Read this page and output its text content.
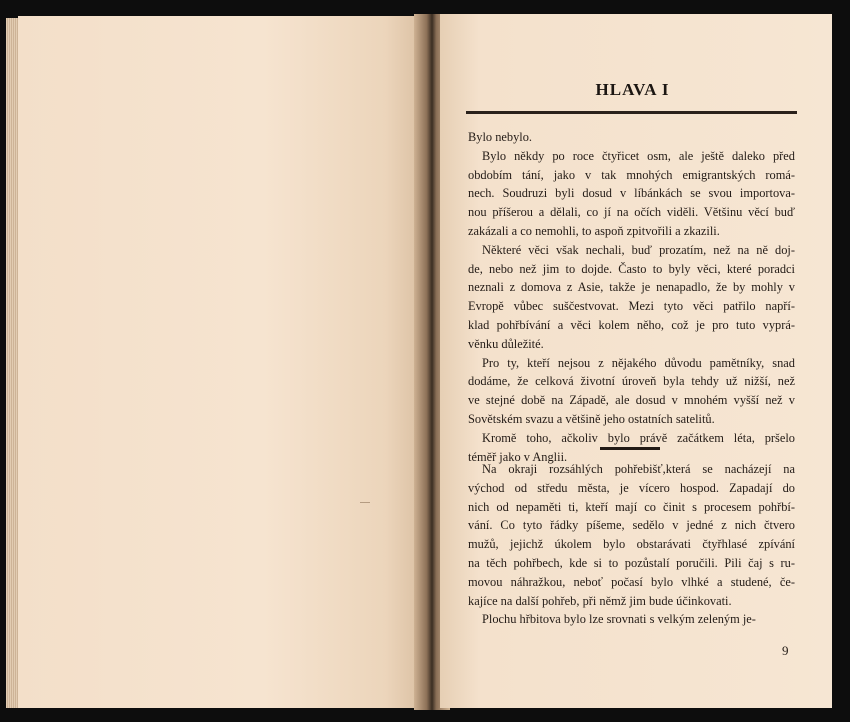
HLAVA I
Bylo nebylo.
Bylo někdy po roce čtyřicet osm, ale ještě daleko před
obdobím tání, jako v tak mnohých emigrantských romá-
nech. Soudruzi byli dosud v líbánkách se svou importova-
nou příšerou a dělali, co jí na očích viděli. Většinu věcí buď
zakázali a co nemohli, to aspoň zpitvořili a zkazili.
Některé věci však nechali, buď prozatím, než na ně doj-
de, nebo než jim to dojde. Často to byly věci, které poradci
neznali z domova z Asie, takže je nenapadlo, že by mohly v
Evropě vůbec suščestvovat. Mezi tyto věci patřilo napří-
klad pohřbívání a věci kolem něho, což je pro tuto vyprá-
věnku důležité.
Pro ty, kteří nejsou z nějakého důvodu pamětníky, snad
dodáme, že celková životní úroveň byla tehdy už nižší, než
ve stejné době na Západě, ale dosud v mnohém vyšší než v
Sovětském svazu a většině jeho ostatních satelitů.
Kromě toho, ačkoliv bylo právě začátkem léta, pršelo
téměř jako v Anglii.
Na okraji rozsáhlých pohřebišť,která se nacházejí na
východ od středu města, je vícero hospod. Zapadají do
nich od nepaměti ti, kteří mají co činit s procesem pohřbí-
vání. Co tyto řádky píšeme, sedělo v jedné z nich čtvero
mužů, jejichž úkolem bylo obstarávati čtyřhlasé zpívání
na těch pohřbech, kde si to pozůstalí poručili. Pili čaj s ru-
movou náhražkou, neboť počasí bylo vlhké a studené, če-
kajíce na další pohřeb, při němž jim bude účinkovati.
Plochu hřbitova bylo lze srovnati s velkým zeleným je-
9
